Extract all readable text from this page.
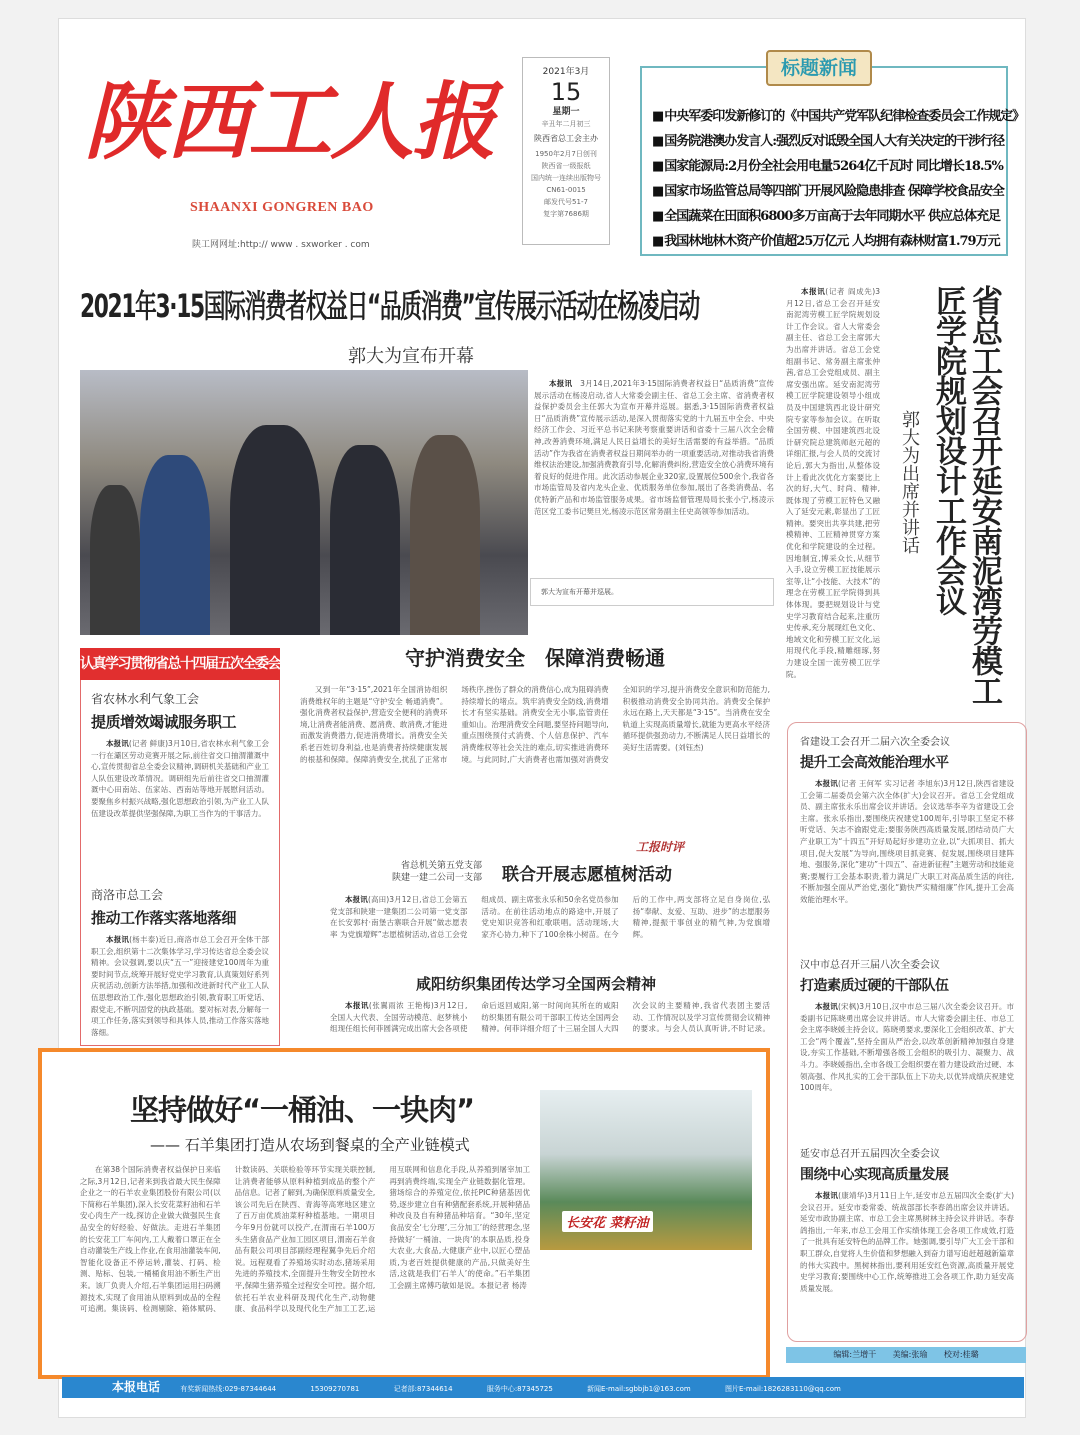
陕西工人报
SHAANXI GONGREN BAO
陕工网网址:http:// www . sxworker . com
2021年3月
15
星期一
辛丑年二月初三
陕西省总工会主办
1950年2月7日创刊
陕西省一级报纸
国内统一连续出版物号
CN61-0015
邮发代号51-7
复字第7686期
■ 中央军委印发新修订的《中国共产党军队纪律检查委员会工作规定》
■ 国务院港澳办发言人:强烈反对诋毁全国人大有关决定的干涉行径
■ 国家能源局:2月份全社会用电量5264亿千瓦时 同比增长18.5%
■ 国家市场监管总局等四部门开展风险隐患排查 保障学校食品安全
■ 全国蔬菜在田面积6800多万亩高于去年同期水平 供应总体充足
■ 我国林地林木资产价值超25万亿元 人均拥有森林财富1.79万元
标题新闻
2021年3·15国际消费者权益日“品质消费”宣传展示活动在杨凌启动
郭大为宣布开幕
本报讯　 3月14日,2021年3·15国际消费者权益日“品质消费”宣传展示活动在杨凌启动,省人大常委会副主任、省总工会主席、省消费者权益保护委员会主任郭大为宣布开幕并巡展。据悉,3·15国际消费者权益日“品质消费”宣传展示活动,是深入贯彻落实党的十九届五中全会、中央经济工作会、习近平总书记来陕考察重要讲话和省委十三届八次全会精神,改善消费环境,满足人民日益增长的美好生活需要的有益举措。“品质活动”作为我省在消费者权益日期间举办的一项重要活动,对推动我省消费维权法治建设,加强消费教育引导,化解消费纠纷,营造安全放心消费环境有着良好的促进作用。此次活动参展企业320家,设置展位500余个,我省各市场监管局及省内龙头企业、优质服务单位参加,展出了各类消费品、名优特新产品和市场监管服务成果。省市场监督管理局局长张小宁,杨凌示范区党工委书记樊旦光,杨凌示范区常务副主任史高领等参加活动。
郭大为宣布开幕并巡展。
本报讯(记者 阎成先)3月12日,省总工会召开延安南泥湾劳模工匠学院规划设计工作会议。省人大常委会副主任、省总工会主席郭大为出席并讲话。省总工会党组副书记、常务副主席张仲茜,省总工会党组成员、副主席安强出席。延安南泥湾劳模工匠学院建设领导小组成员及中国建筑西北设计研究院专家等参加会议。在听取全国劳模、中国建筑西北设计研究院总建筑师赵元超的详细汇报,与会人员的交流讨论后,郭大为指出,从整体设计上看此次优化方案要比上次的好,大气、时尚、精神,既体现了劳模工匠特色又融入了延安元素,彰显出了工匠精神。要突出共享共建,把劳模精神、工匠精神贯穿方案优化和学院建设的全过程。因地制宜,博采众长,从细节入手,设立劳模工匠技能展示室等,让“小技能、大技术”的理念在劳模工匠学院得到具体体现。要把规划设计与党史学习教育结合起来,注重历史传承,充分展现红色文化、地域文化和劳模工匠文化,运用现代化手段,精雕细琢,努力建设全国一流劳模工匠学院。
郭大为出席并讲话	省总工会召开延安南泥湾劳模工匠学院规划设计工作会议
认真学习贯彻省总十四届五次全委会议精神
省农林水利气象工会
提质增效竭诚服务职工
本报讯(记者 鲜康)3月10日,省农林水利气象工会一行在灞区劳动竞赛开展之际,前往省交口抽渭灌溉中心,宣传贯彻省总全委会议精神,调研机关基础和产业工人队伍建设改革情况。调研组先后前往省交口抽渭灌溉中心田南站、伍家站、西南站等地开展慰问活动。要聚焦乡村振兴战略,强化思想政治引领,为产业工人队伍建设改革提供坚强保障,为职工当作为的干事活力。
商洛市总工会
推动工作落实落地落细
本报讯(杨丰泰)近日,商洛市总工会召开全体干部职工会,组织第十二次集体学习,学习传达省总全委会议精神。会议强调,要以庆“五一”迎接建党100周年为重要时间节点,统筹开展好党史学习教育,认真策划好系列庆祝活动,创新方法举措,加强和改进新时代产业工人队伍思想政治工作,强化思想政治引领,教育职工听党话、跟党走,不断巩固党的执政基础。要对标对表,分解每一项工作任务,落实到领导和具体人员,推动工作落实落地落细。
守护消费安全　保障消费畅通
又到一年“3·15”,2021年全国消协组织消费维权年的主题是“守护安全 畅通消费”。强化消费者权益保护,营造安全便利的消费环境,让消费者能消费、愿消费、敢消费,才能进而激发消费潜力,促进消费增长。消费安全关系老百姓切身利益,也是消费者持续健康发展的根基和保障。保障消费安全,扰乱了正常市场秩序,挫伤了群众的消费信心,成为阻碍消费持续增长的堵点。筑牢消费安全防线,消费增长才有坚实基础。消费安全无小事,监管责任重如山。治理消费安全问题,要坚持问题导向,重点围绕预付式消费、个人信息保护、汽车消费维权等社会关注的难点,切实推进消费环境。与此同时,广大消费者也需加强对消费安全知识的学习,提升消费安全意识和防范能力,积极推动消费安全协同共治。消费安全保护永远在路上,天天都是“3·15”。当消费在安全轨道上实现高质量增长,就能为更高水平经济循环提供强劲动力,不断满足人民日益增长的美好生活需要。(刘钰杰)
工报时评
省总机关第五党支部
陕建一建二公司一支部 联合开展志愿植树活动
本报讯(高田)3月12日,省总工会第五党支部和陕建一建集团二公司第一党支部在长安郭村·南堡古寨联合开展“做志愿表率 为党旗增辉”志愿植树活动,省总工会党组成员、副主席张永乐和50余名党员参加活动。在前往活动地点的路途中,开展了党史知识竞答和红歌联唱。活动现场,大家齐心协力,种下了100余株小树苗。在今后的工作中,两支部将立足自身岗位,弘扬“奉献、友爱、互助、进步”的志愿服务精神,提振干事创业的精气神,为党旗增辉。
咸阳纺织集团传达学习全国两会精神
本报讯(张翼雨浓 王艳梅)3月12日,全国人大代表、全国劳动模范、赵梦桃小组现任组长何菲圆满完成出席大会各项使命后返回咸阳,第一时间向其所在的咸阳纺织集团有限公司干部职工传达全国两会精神。何菲详细介绍了十三届全国人大四次会议的主要精神,我省代表团主要活动、工作情况以及学习宣传贯彻会议精神的要求。与会人员认真听讲,不时记录。
坚持做好“一桶油、一块肉”
—— 石羊集团打造从农场到餐桌的全产业链模式
长安花 菜籽油
在第38个国际消费者权益保护日来临之际,3月12日,记者来到我省最大民生保障企业之一的石羊农业集团股份有限公司(以下简称石羊集团),深入长安花菜籽油和石羊安心肉生产一线,探访企业做大做强民生食品安全的好经验、好做法。走进石羊集团的长安花工厂车间内,工人戴着口罩正在全自动灌装生产线上作业,在食用油灌装车间,智能化设备正不停运转,灌装、打码、检测、贴标、包装,一桶桶食用油不断生产出来。该厂负责人介绍,石羊集团运用扫码溯源技术,实现了食用油从原料到成品的全程可追溯。集读码、检测剔除、箱体赋码、计数读码、关联检验等环节实现关联控制,让消费者能够从原料种植到成品的整个产品信息。记者了解到,为确保原料质量安全,该公司先后在陕西、青海等高寒地区建立了百万亩优质油菜籽种植基地。一期项目今年9月份就可以投产,在渭南石羊100万头生猪食品产业加工园区项目,渭南石羊食品有限公司项目部副经理程翼争先后介绍说。远程观看了养殖场实时动态,猪场采用先进的养殖技术,全面提升生物安全防控水平,保障生猪养殖全过程安全可控。据介绍,依托石羊农业科研及现代化生产,动物健康、食品科学以及现代化生产加工工艺,运用互联网和信息化手段,从养殖到屠宰加工再到消费终端,实现全产业链数据化管理。猪场综合的养殖定位,依托PIC种猪基因优势,逐步建立自有种猪配套系统,开展种猪品种改良及自有种猪品种培育。“30年,坚定食品安全‘七分理’,三分加工’的经营理念,坚持做好‘一桶油、一块肉’的本职品质,投身大农业,大食品,大健康产业中,以匠心塑品质,为老百姓提供健康的产品,只做美好生活,这就是我们‘石羊人’的使命。”石羊集团工会副主席傅巧敏如是说。本报记者 杨涛
省建设工会召开二届六次全委会议
提升工会高效能治理水平
本报讯(记者 王何军 实习记者 李旭东)3月12日,陕西省建设工会第二届委员会第六次全体(扩大)会议召开。省总工会党组成员、副主席张永乐出席会议并讲话。会议选举李辛为省建设工会主席。张永乐指出,要围绕庆祝建党100周年,引导职工坚定不移听党话、矢志不渝跟党走;要服务陕西高质量发展,团结动员广大产业职工为“十四五”开好局起好步建功立业,以“大抓项目、抓大项目,促大发展”为导向,围绕项目抓竞赛、促发展,围绕项目建阵地、强服务,深化“建功”十四五”、奋进新征程”主题劳动和技能竞赛;要履行工会基本职责,着力满足广大职工对高品质生活的向往,不断加强全面从严治党,强化“勤快严实精细廉”作风,提升工会高效能治理水平。
汉中市总召开三届八次全委会议
打造素质过硬的干部队伍
本报讯(宋枫)3月10日,汉中市总三届八次全委会议召开。市委副书记陈晓勇出席会议并讲话。市人大常委会副主任、市总工会主席李晓媛主持会议。陈晓勇要求,要深化工会组织改革、扩大工会“两个覆盖”,坚持全面从严治会,以改革创新精神加强自身建设,夯实工作基础,不断增强各级工会组织的吸引力、凝聚力、战斗力。李晓媛指出,全市各级工会组织要在着力建设政治过硬、本领高强、作风扎实的工会干部队伍上下功夫,以优异成绩庆祝建党100周年。
延安市总召开五届四次全委会议
围绕中心实现高质量发展
本报讯(康靖华)3月11日上午,延安市总五届四次全委(扩大)会议召开。延安市委常委、统战部部长李春鸽出席会议并讲话。延安市政协副主席、市总工会主席黑树林主持会议并讲话。李春鸽指出,一年来,市总工会用工作实绩体现工会各项工作成效,打造了一批具有延安特色的品牌工作。她强调,要引导广大工会干部和职工群众,自觉将人生价值和梦想融入到奋力谱写追赶超越新篇章的伟大实践中。黑树林指出,要利用延安红色资源,高质量开展党史学习教育;要围绕中心工作,统筹推进工会各项工作,助力延安高质量发展。
编辑:兰增干 美编:张瑜 校对:桂璐
本报电话	有奖新闻热线:029-87344644	15309270781	记者部:87344614	服务中心:87345725	新闻E-mail:sgbbjb1@163.com	图片E-mail:1826283110@qq.com
